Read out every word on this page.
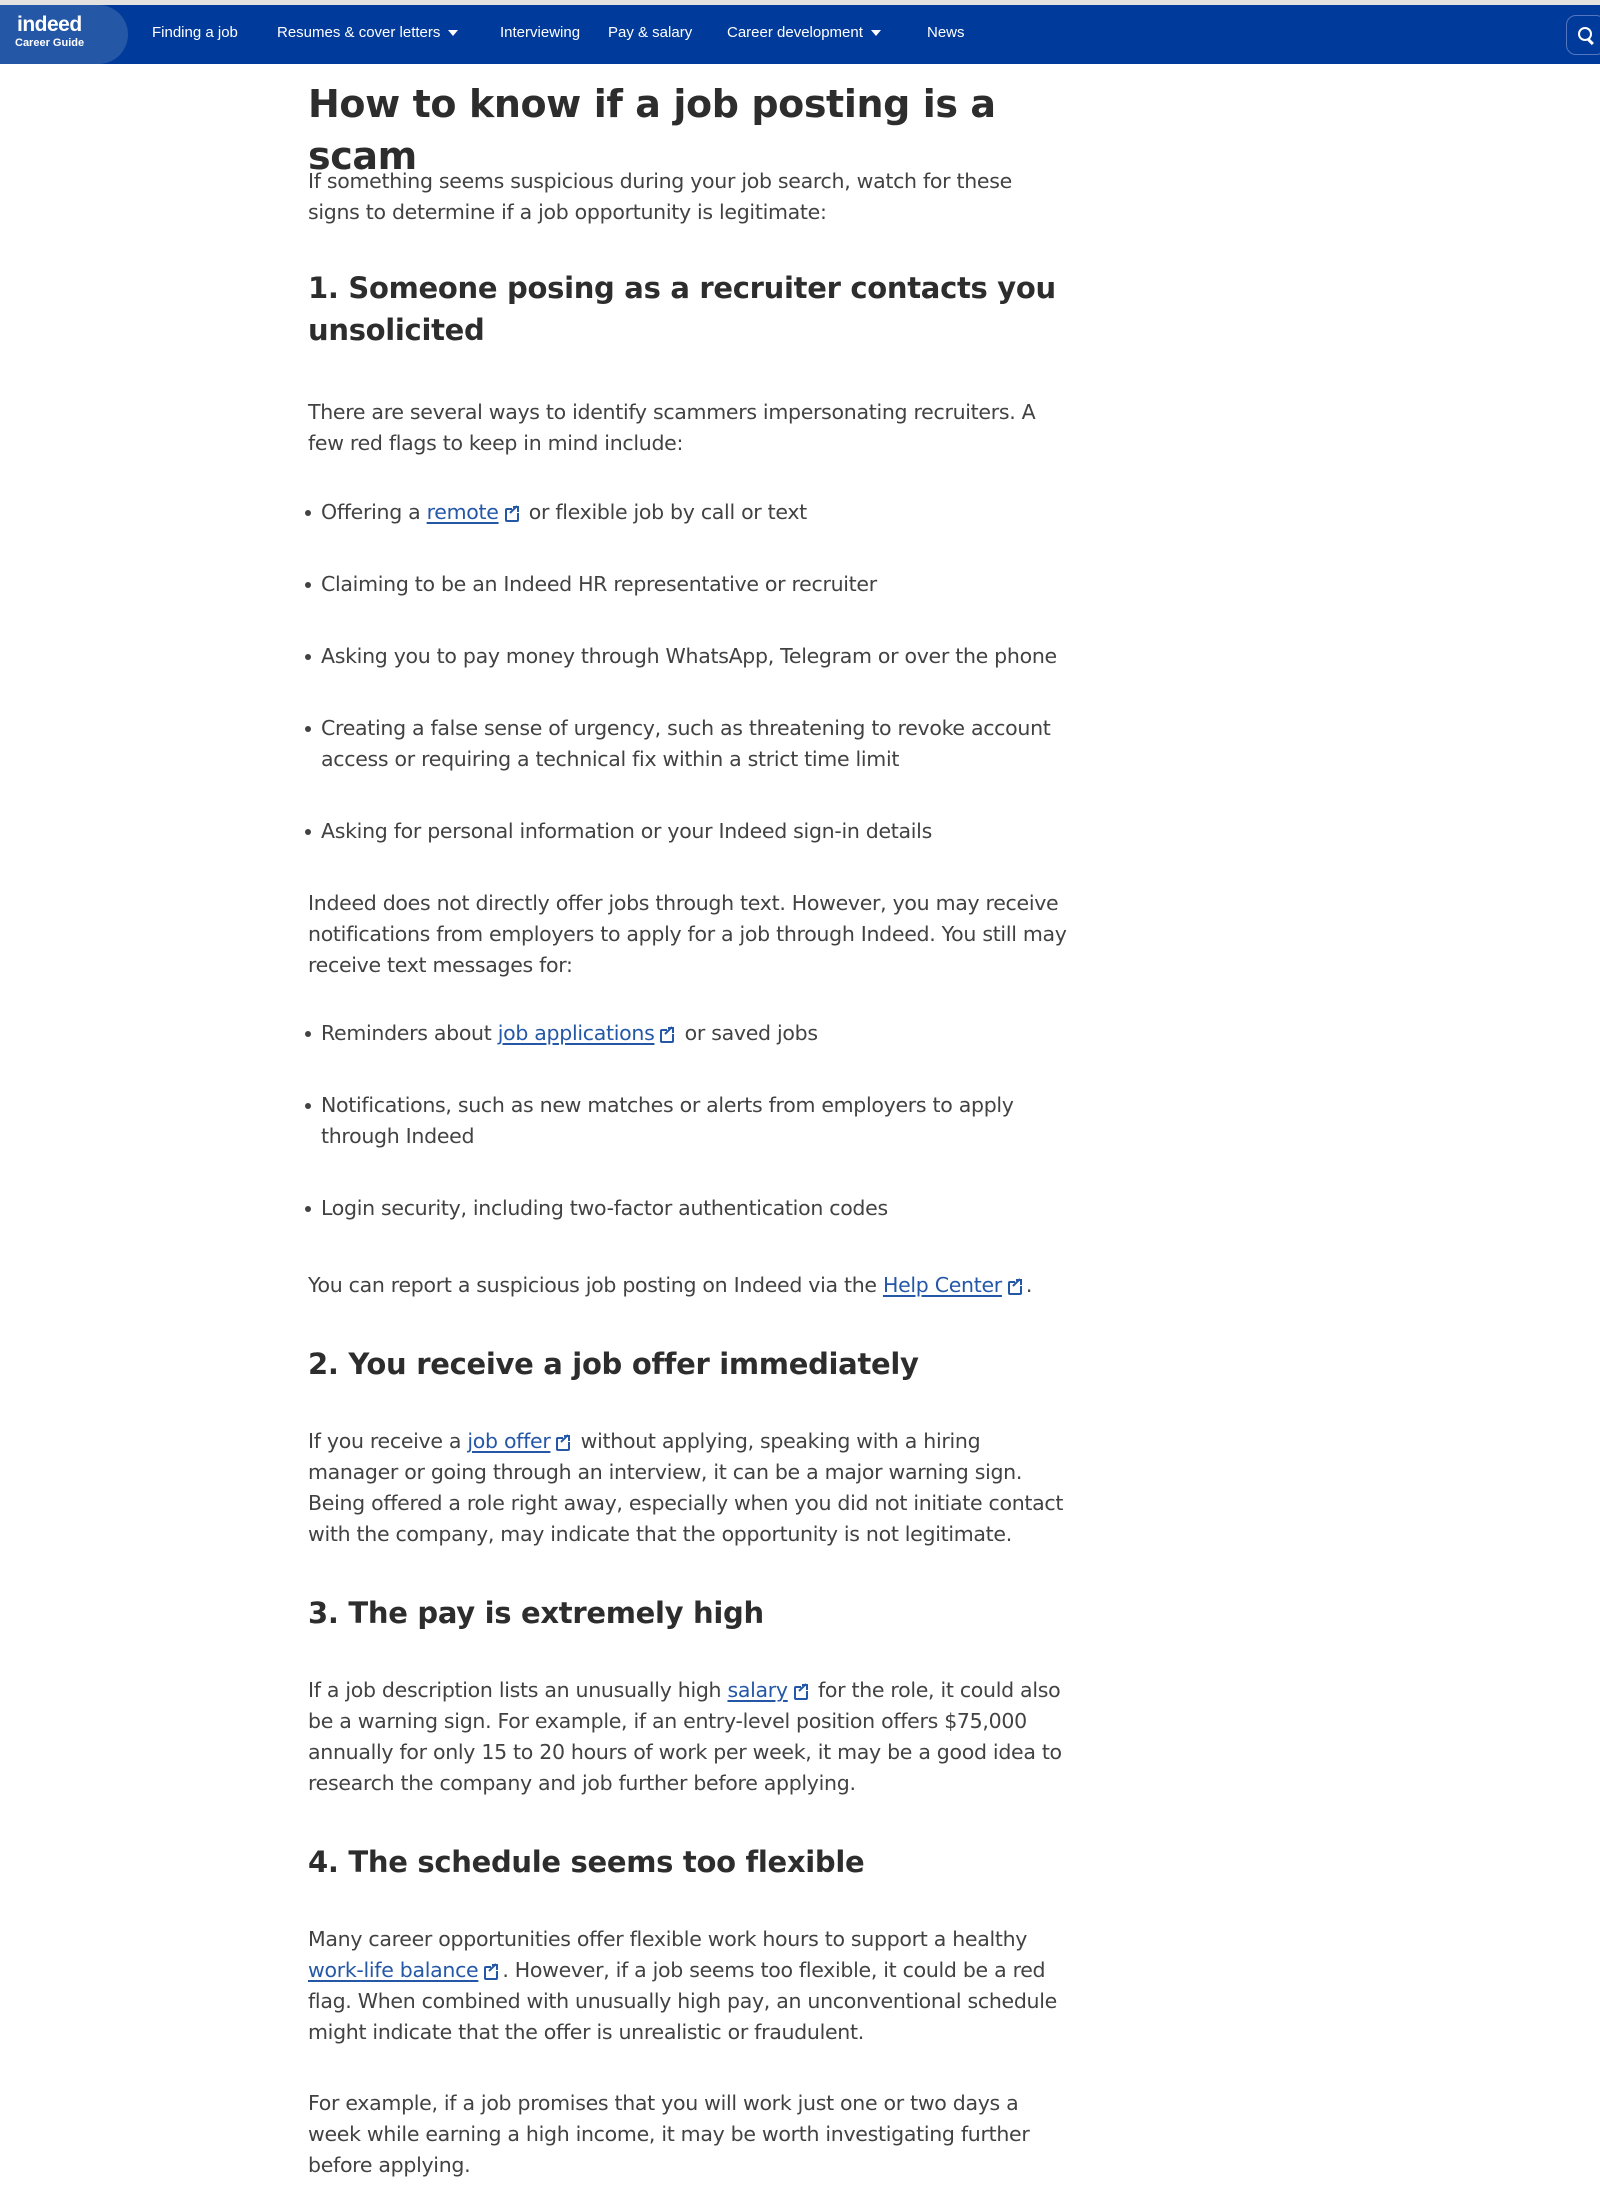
indeed
Career Guide
Finding a job	Resumes & cover letters	Interviewing Pay & salary Career development	News
How to know if a job posting is a scam

If something seems suspicious during your job search, watch for these signs to determine if a job opportunity is legitimate:

1. Someone posing as a recruiter contacts you unsolicited

There are several ways to identify scammers impersonating recruiters. A few red flags to keep in mind include:

Offering a remote
or flexible job by call or text
Claiming to be an Indeed HR representative or recruiter
Asking you to pay money through WhatsApp, Telegram or over the phone
Creating a false sense of urgency, such as threatening to revoke account access or requiring a technical fix within a strict time limit
Asking for personal information or your Indeed sign-in details

Indeed does not directly offer jobs through text. However, you may receive notifications from employers to apply for a job through Indeed. You still may receive text messages for:

Reminders about job applications
or saved jobs
Notifications, such as new matches or alerts from employers to apply through Indeed
Login security, including two-factor authentication codes

You can report a suspicious job posting on Indeed via the Help Center .

2. You receive a job offer immediately

If you receive a job offer
without applying, speaking with a hiring manager or going through an interview, it can be a major warning sign. Being offered a role right away, especially when you did not initiate contact with the company, may indicate that the opportunity is not legitimate.

3. The pay is extremely high

If a job description lists an unusually high salary
for the role, it could also be a warning sign. For example, if an entry-level position offers $75,000 annually for only 15 to 20 hours of work per week, it may be a good idea to research the company and job further before applying.

4. The schedule seems too flexible

Many career opportunities offer flexible work hours to support a healthy work-life balance . However, if a job seems too flexible, it could be a red flag. When combined with unusually high pay, an unconventional schedule might indicate that the offer is unrealistic or fraudulent.

For example, if a job promises that you will work just one or two days a week while earning a high income, it may be worth investigating further before applying.
